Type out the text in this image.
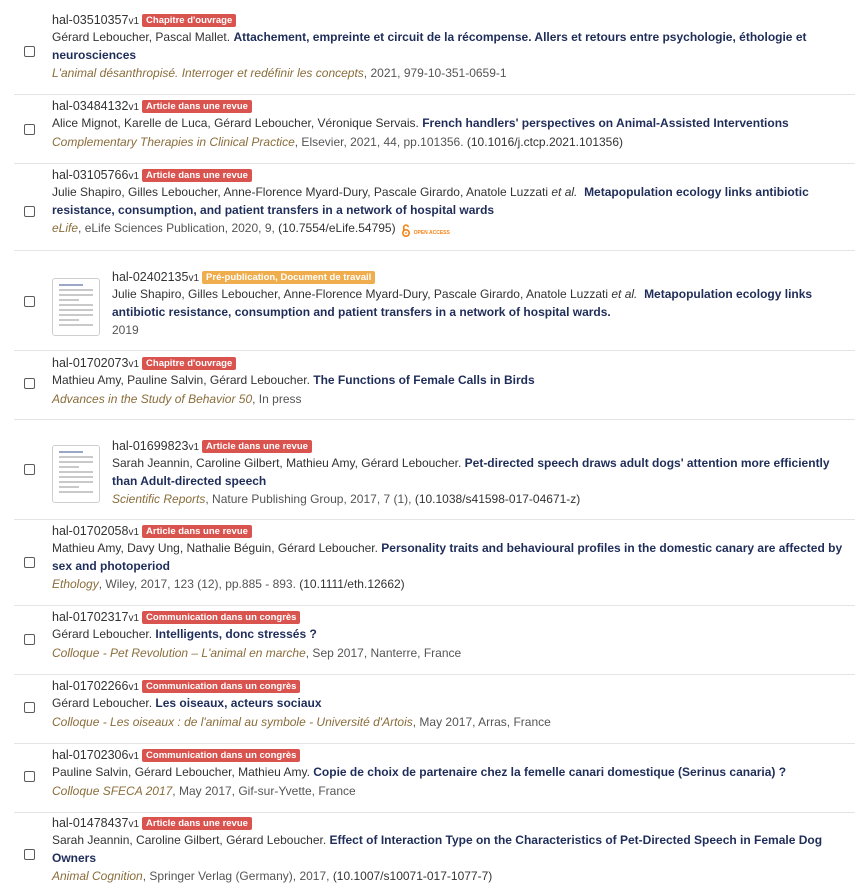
hal-03510357v1 Chapitre d'ouvrage
Gérard Leboucher, Pascal Mallet. Attachement, empreinte et circuit de la récompense. Allers et retours entre psychologie, éthologie et neurosciences
L'animal désanthropisé. Interroger et redéfinir les concepts, 2021, 979-10-351-0659-1
hal-03484132v1 Article dans une revue
Alice Mignot, Karelle de Luca, Gérard Leboucher, Véronique Servais. French handlers' perspectives on Animal-Assisted Interventions
Complementary Therapies in Clinical Practice, Elsevier, 2021, 44, pp.101356. (10.1016/j.ctcp.2021.101356)
hal-03105766v1 Article dans une revue
Julie Shapiro, Gilles Leboucher, Anne-Florence Myard-Dury, Pascale Girardo, Anatole Luzzati et al. Metapopulation ecology links antibiotic resistance, consumption, and patient transfers in a network of hospital wards
eLife, eLife Sciences Publication, 2020, 9, (10.7554/eLife.54795)	OPEN ACCESS
hal-02402135v1 Pré-publication, Document de travail
Julie Shapiro, Gilles Leboucher, Anne-Florence Myard-Dury, Pascale Girardo, Anatole Luzzati et al. Metapopulation ecology links antibiotic resistance, consumption and patient transfers in a network of hospital wards.
2019
hal-01702073v1 Chapitre d'ouvrage
Mathieu Amy, Pauline Salvin, Gérard Leboucher. The Functions of Female Calls in Birds
Advances in the Study of Behavior 50, In press
hal-01699823v1 Article dans une revue
Sarah Jeannin, Caroline Gilbert, Mathieu Amy, Gérard Leboucher. Pet-directed speech draws adult dogs' attention more efficiently than Adult-directed speech
Scientific Reports, Nature Publishing Group, 2017, 7 (1), (10.1038/s41598-017-04671-z)
hal-01702058v1 Article dans une revue
Mathieu Amy, Davy Ung, Nathalie Béguin, Gérard Leboucher. Personality traits and behavioural profiles in the domestic canary are affected by sex and photoperiod
Ethology, Wiley, 2017, 123 (12), pp.885 - 893. (10.1111/eth.12662)
hal-01702317v1 Communication dans un congrès
Gérard Leboucher. Intelligents, donc stressés ?
Colloque - Pet Revolution – L'animal en marche, Sep 2017, Nanterre, France
hal-01702266v1 Communication dans un congrès
Gérard Leboucher. Les oiseaux, acteurs sociaux
Colloque - Les oiseaux : de l'animal au symbole - Université d'Artois, May 2017, Arras, France
hal-01702306v1 Communication dans un congrès
Pauline Salvin, Gérard Leboucher, Mathieu Amy. Copie de choix de partenaire chez la femelle canari domestique (Serinus canaria) ?
Colloque SFECA 2017, May 2017, Gif-sur-Yvette, France
hal-01478437v1 Article dans une revue
Sarah Jeannin, Caroline Gilbert, Gérard Leboucher. Effect of Interaction Type on the Characteristics of Pet-Directed Speech in Female Dog Owners
Animal Cognition, Springer Verlag (Germany), 2017, (10.1007/s10071-017-1077-7)
